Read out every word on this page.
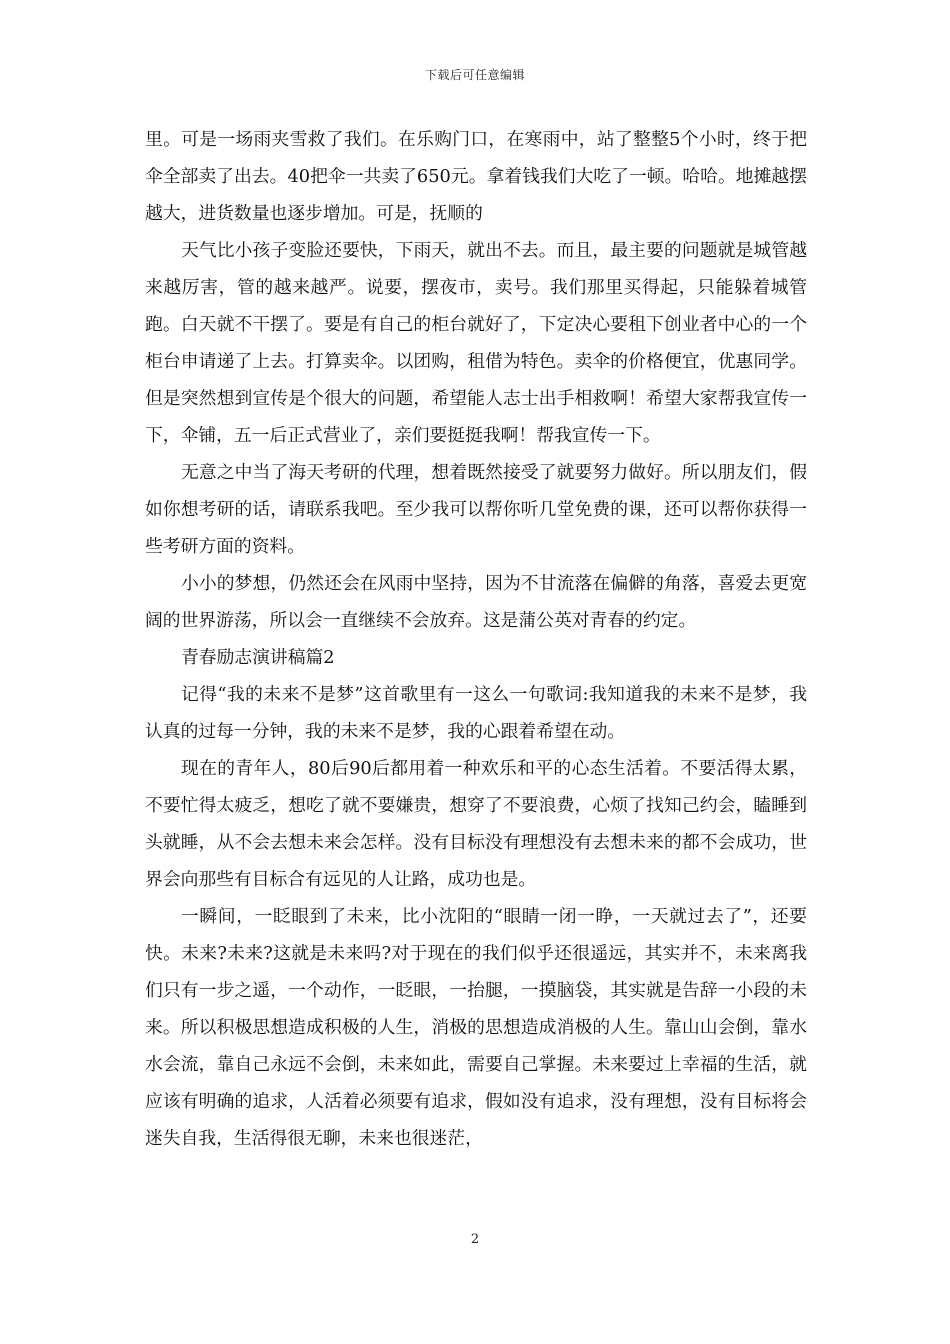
下载后可任意编辑

里。可是一场雨夹雪救了我们。在乐购门口，在寒雨中，站了整整5个小时，终于把伞全部卖了出去。40把伞一共卖了650元。拿着钱我们大吃了一顿。哈哈。地摊越摆越大，进货数量也逐步增加。可是，抚顺的

天气比小孩子变脸还要快，下雨天，就出不去。而且，最主要的问题就是城管越来越厉害，管的越来越严。说要，摆夜市，卖号。我们那里买得起，只能躲着城管跑。白天就不干摆了。要是有自己的柜台就好了，下定决心要租下创业者中心的一个柜台申请递了上去。打算卖伞。以团购，租借为特色。卖伞的价格便宜，优惠同学。但是突然想到宣传是个很大的问题，希望能人志士出手相救啊！希望大家帮我宣传一下，伞铺，五一后正式营业了，亲们要挺挺我啊！帮我宣传一下。

无意之中当了海天考研的代理，想着既然接受了就要努力做好。所以朋友们，假如你想考研的话，请联系我吧。至少我可以帮你听几堂免费的课，还可以帮你获得一些考研方面的资料。

小小的梦想，仍然还会在风雨中坚持，因为不甘流落在偏僻的角落，喜爱去更宽阔的世界游荡，所以会一直继续不会放弃。这是蒲公英对青春的约定。

青春励志演讲稿篇2

记得“我的未来不是梦”这首歌里有一这么一句歌词:我知道我的未来不是梦，我认真的过每一分钟，我的未来不是梦，我的心跟着希望在动。

现在的青年人，80后90后都用着一种欢乐和平的心态生活着。不要活得太累，不要忙得太疲乏，想吃了就不要嫌贵，想穿了不要浪费，心烦了找知己约会，瞌睡到头就睡，从不会去想未来会怎样。没有目标没有理想没有去想未来的都不会成功，世界会向那些有目标合有远见的人让路，成功也是。

一瞬间，一眨眼到了未来，比小沈阳的“眼睛一闭一睁，一天就过去了”，还要快。未来?未来?这就是未来吗?对于现在的我们似乎还很遥远，其实并不，未来离我们只有一步之遥，一个动作，一眨眼，一抬腿，一摸脑袋，其实就是告辞一小段的未来。所以积极思想造成积极的人生，消极的思想造成消极的人生。靠山山会倒，靠水水会流，靠自己永远不会倒，未来如此，需要自己掌握。未来要过上幸福的生活，就应该有明确的追求，人活着必须要有追求，假如没有追求，没有理想，没有目标将会迷失自我，生活得很无聊，未来也很迷茫，

2
